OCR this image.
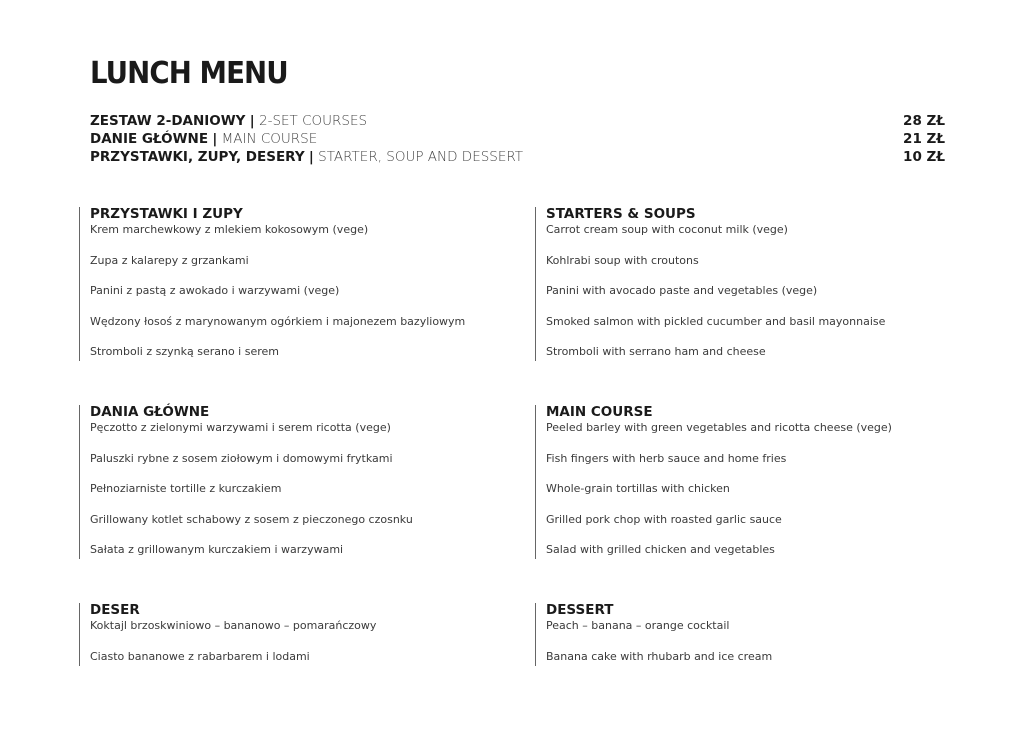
LUNCH MENU
ZESTAW 2-DANIOWY | 2-SET COURSES	28 ZŁ
DANIE GŁÓWNE | MAIN COURSE	21 ZŁ
PRZYSTAWKI, ZUPY, DESERY | STARTER, SOUP AND DESSERT	10 ZŁ
PRZYSTAWKI I ZUPY
Krem marchewkowy z mlekiem kokosowym (vege)
Zupa z kalarepy z grzankami
Panini z pastą z awokado i warzywami (vege)
Wędzony łosoś z marynowanym ogórkiem i majonezem bazyliowym
Stromboli z szynką serano i serem
STARTERS & SOUPS
Carrot cream soup with coconut milk (vege)
Kohlrabi soup with croutons
Panini with avocado paste and vegetables (vege)
Smoked salmon with pickled cucumber and basil mayonnaise
Stromboli with serrano ham and cheese
DANIA GŁÓWNE
Pęczotto z zielonymi warzywami i serem ricotta (vege)
Paluszki rybne z sosem ziołowym i domowymi frytkami
Pełnoziarniste tortille z kurczakiem
Grillowany kotlet schabowy z sosem z pieczonego czosnku
Sałata z grillowanym kurczakiem i warzywami
MAIN COURSE
Peeled barley with green vegetables and ricotta cheese (vege)
Fish fingers with herb sauce and home fries
Whole-grain tortillas with chicken
Grilled pork chop with roasted garlic sauce
Salad with grilled chicken and vegetables
DESER
Koktajl brzoskwiniowo – bananowo – pomarańczowy
Ciasto bananowe z rabarbarem i lodami
DESSERT
Peach – banana – orange cocktail
Banana cake with rhubarb and ice cream
